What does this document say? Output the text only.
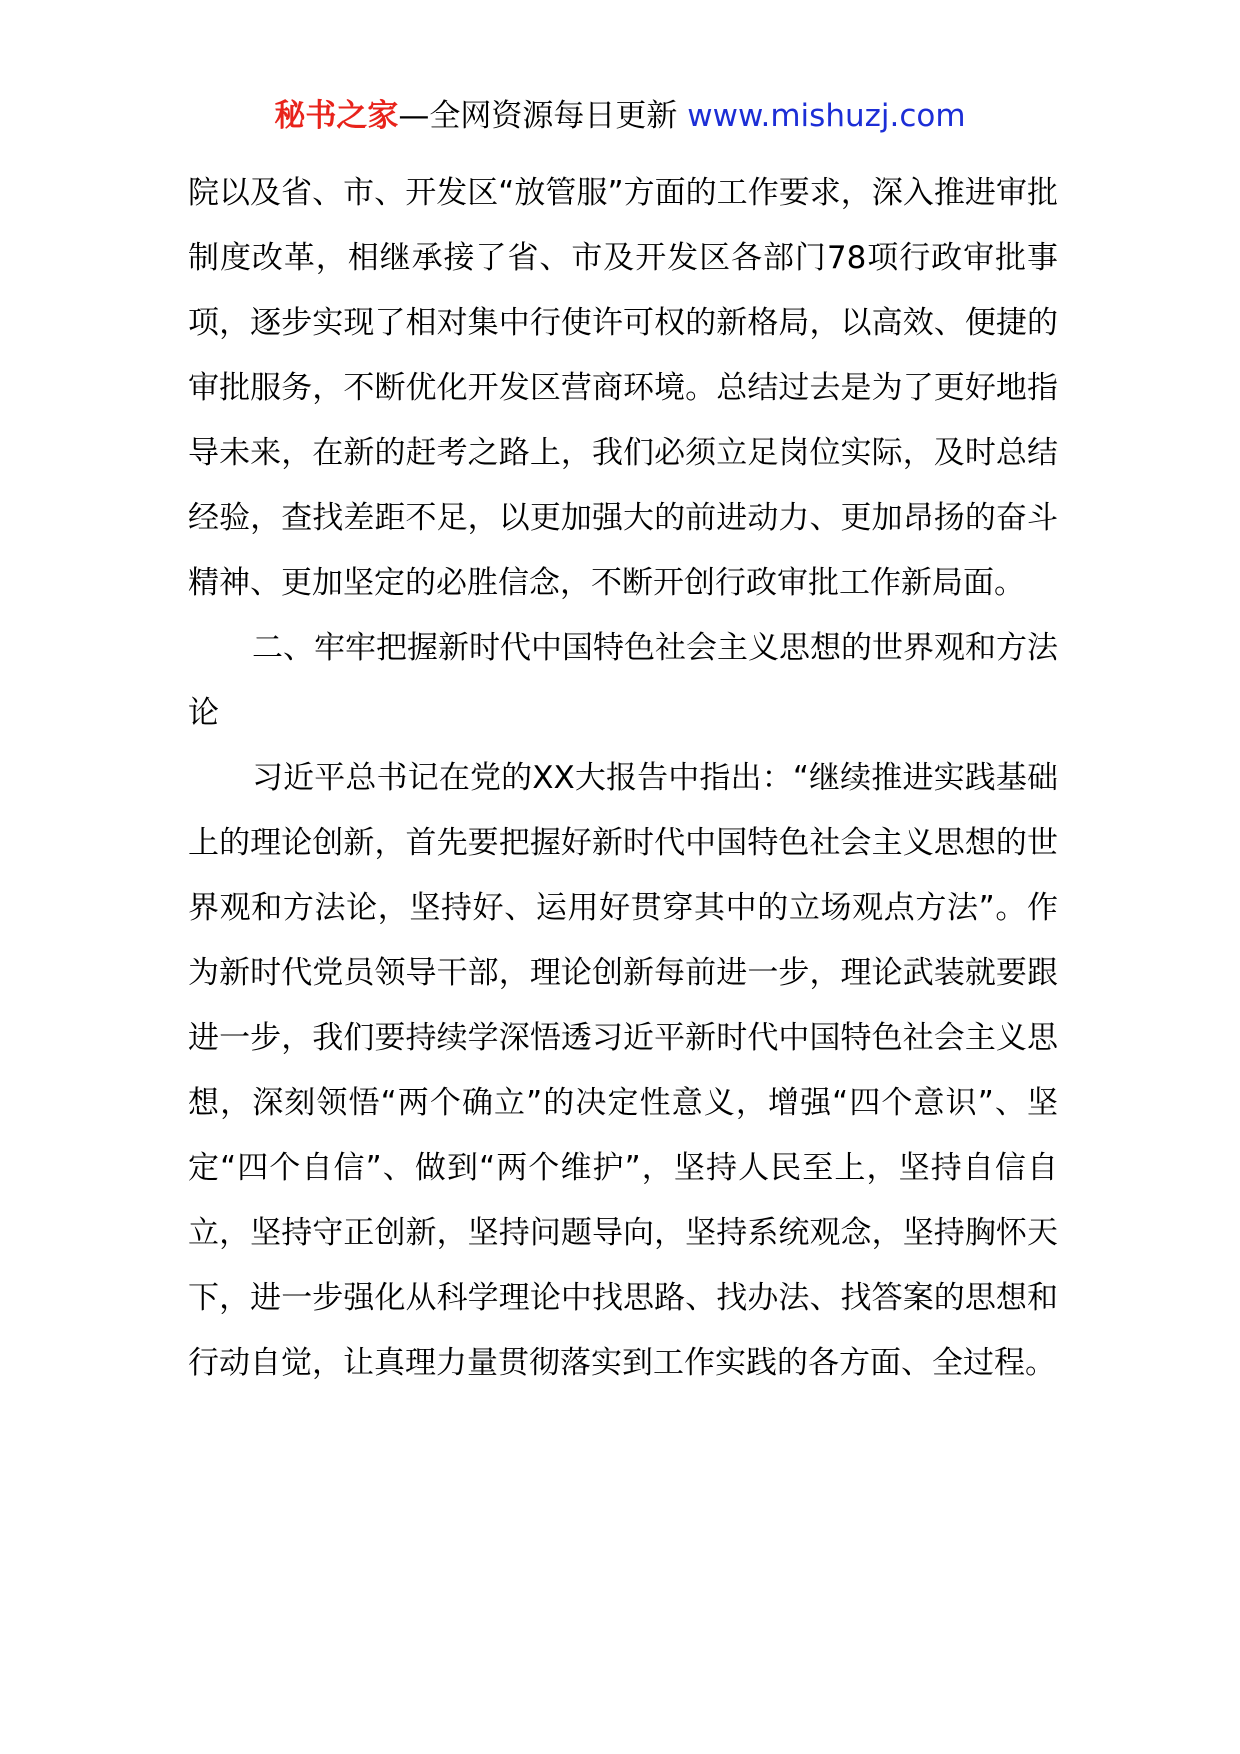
秘书之家—全网资源每日更新 www.mishuzj.com

院以及省、市、开发区“放管服”方面的工作要求，深入推进审批制度改革，相继承接了省、市及开发区各部门78项行政审批事项，逐步实现了相对集中行使许可权的新格局，以高效、便捷的审批服务，不断优化开发区营商环境。总结过去是为了更好地指导未来，在新的赶考之路上，我们必须立足岗位实际，及时总结经验，查找差距不足，以更加强大的前进动力、更加昂扬的奋斗精神、更加坚定的必胜信念，不断开创行政审批工作新局面。

二、牢牢把握新时代中国特色社会主义思想的世界观和方法论

习近平总书记在党的XX大报告中指出：“继续推进实践基础上的理论创新，首先要把握好新时代中国特色社会主义思想的世界观和方法论，坚持好、运用好贯穿其中的立场观点方法”。作为新时代党员领导干部，理论创新每前进一步，理论武装就要跟进一步，我们要持续学深悟透习近平新时代中国特色社会主义思想，深刻领悟“两个确立”的决定性意义，增强“四个意识”、坚定“四个自信”、做到“两个维护”，坚持人民至上，坚持自信自立，坚持守正创新，坚持问题导向，坚持系统观念，坚持胸怀天下，进一步强化从科学理论中找思路、找办法、找答案的思想和行动自觉，让真理力量贯彻落实到工作实践的各方面、全过程。
